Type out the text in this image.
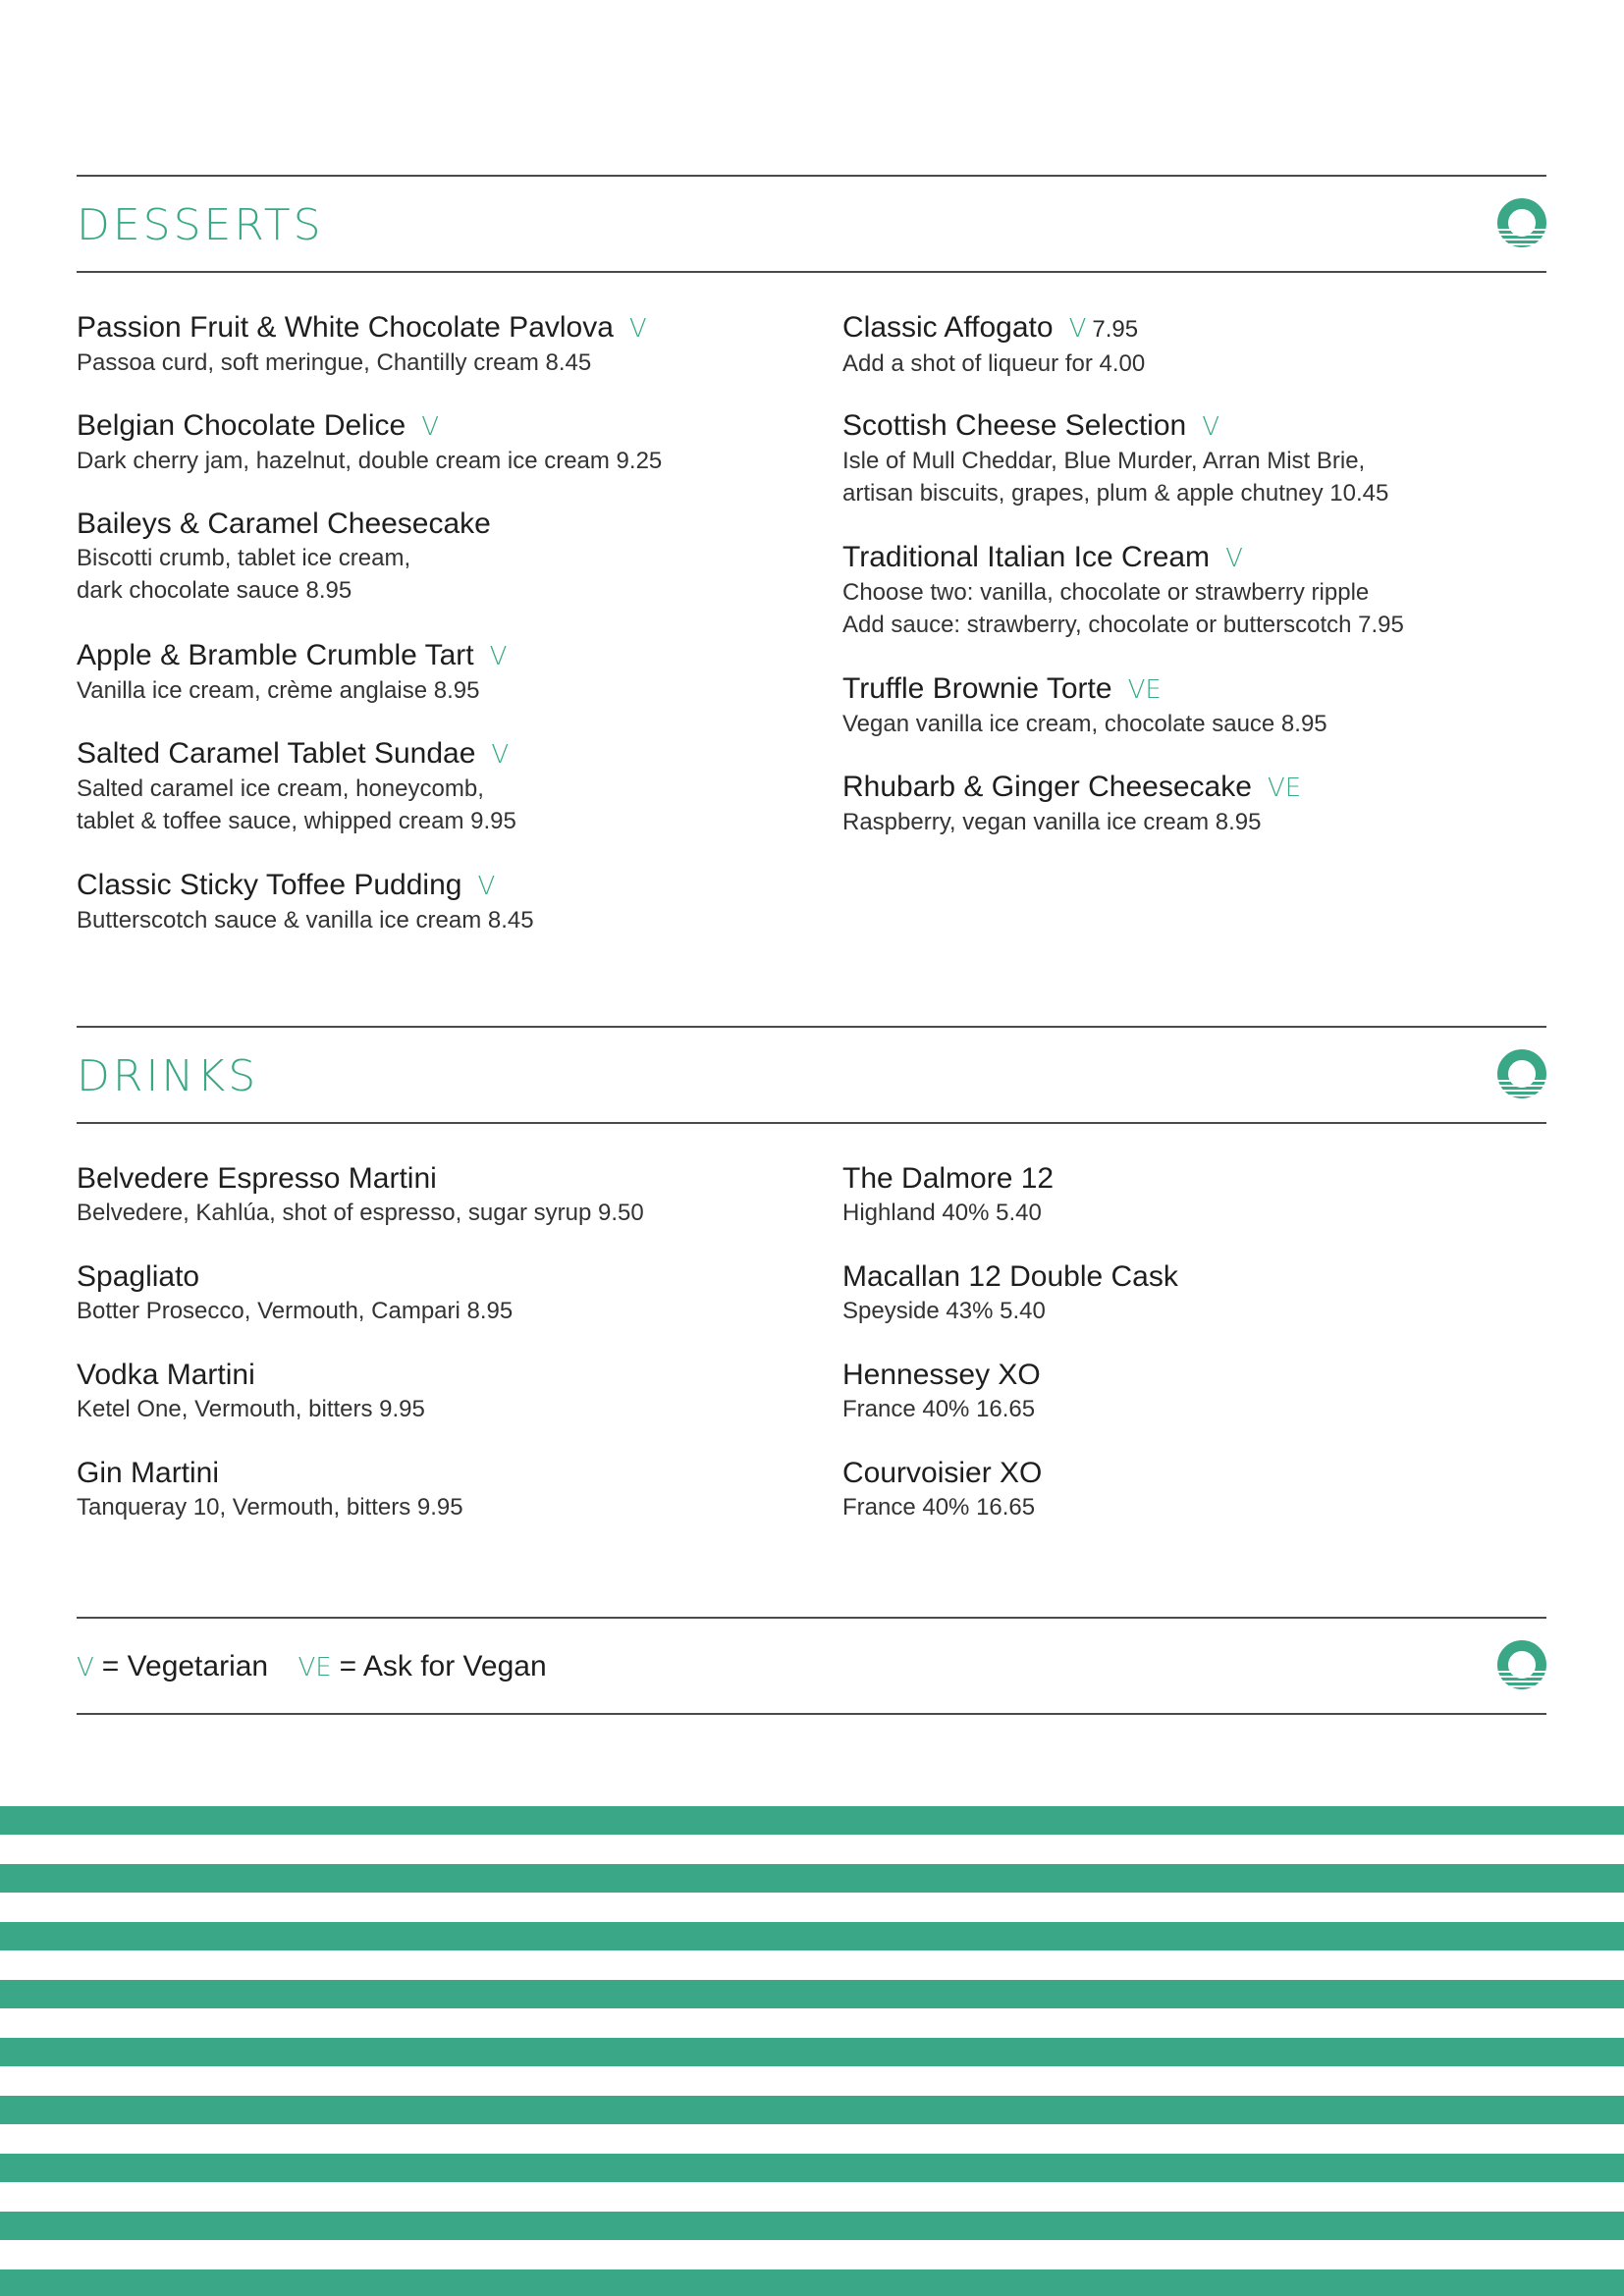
DESSERTS
Passion Fruit & White Chocolate Pavlova V
Passoa curd, soft meringue, Chantilly cream 8.45
Belgian Chocolate Delice V
Dark cherry jam, hazelnut, double cream ice cream 9.25
Baileys & Caramel Cheesecake
Biscotti crumb, tablet ice cream,
dark chocolate sauce 8.95
Apple & Bramble Crumble Tart V
Vanilla ice cream, crème anglaise 8.95
Salted Caramel Tablet Sundae V
Salted caramel ice cream, honeycomb,
tablet & toffee sauce, whipped cream 9.95
Classic Sticky Toffee Pudding V
Butterscotch sauce & vanilla ice cream 8.45
Classic Affogato V 7.95
Add a shot of liqueur for 4.00
Scottish Cheese Selection V
Isle of Mull Cheddar, Blue Murder, Arran Mist Brie,
artisan biscuits, grapes, plum & apple chutney 10.45
Traditional Italian Ice Cream V
Choose two: vanilla, chocolate or strawberry ripple
Add sauce: strawberry, chocolate or butterscotch 7.95
Truffle Brownie Torte VE
Vegan vanilla ice cream, chocolate sauce 8.95
Rhubarb & Ginger Cheesecake VE
Raspberry, vegan vanilla ice cream 8.95
DRINKS
Belvedere Espresso Martini
Belvedere, Kahlúa, shot of espresso, sugar syrup 9.50
Spagliato
Botter Prosecco, Vermouth, Campari 8.95
Vodka Martini
Ketel One, Vermouth, bitters 9.95
Gin Martini
Tanqueray 10, Vermouth, bitters 9.95
The Dalmore 12
Highland 40% 5.40
Macallan 12 Double Cask
Speyside 43% 5.40
Hennessey XO
France 40% 16.65
Courvoisier XO
France 40% 16.65
V = Vegetarian VE = Ask for Vegan
